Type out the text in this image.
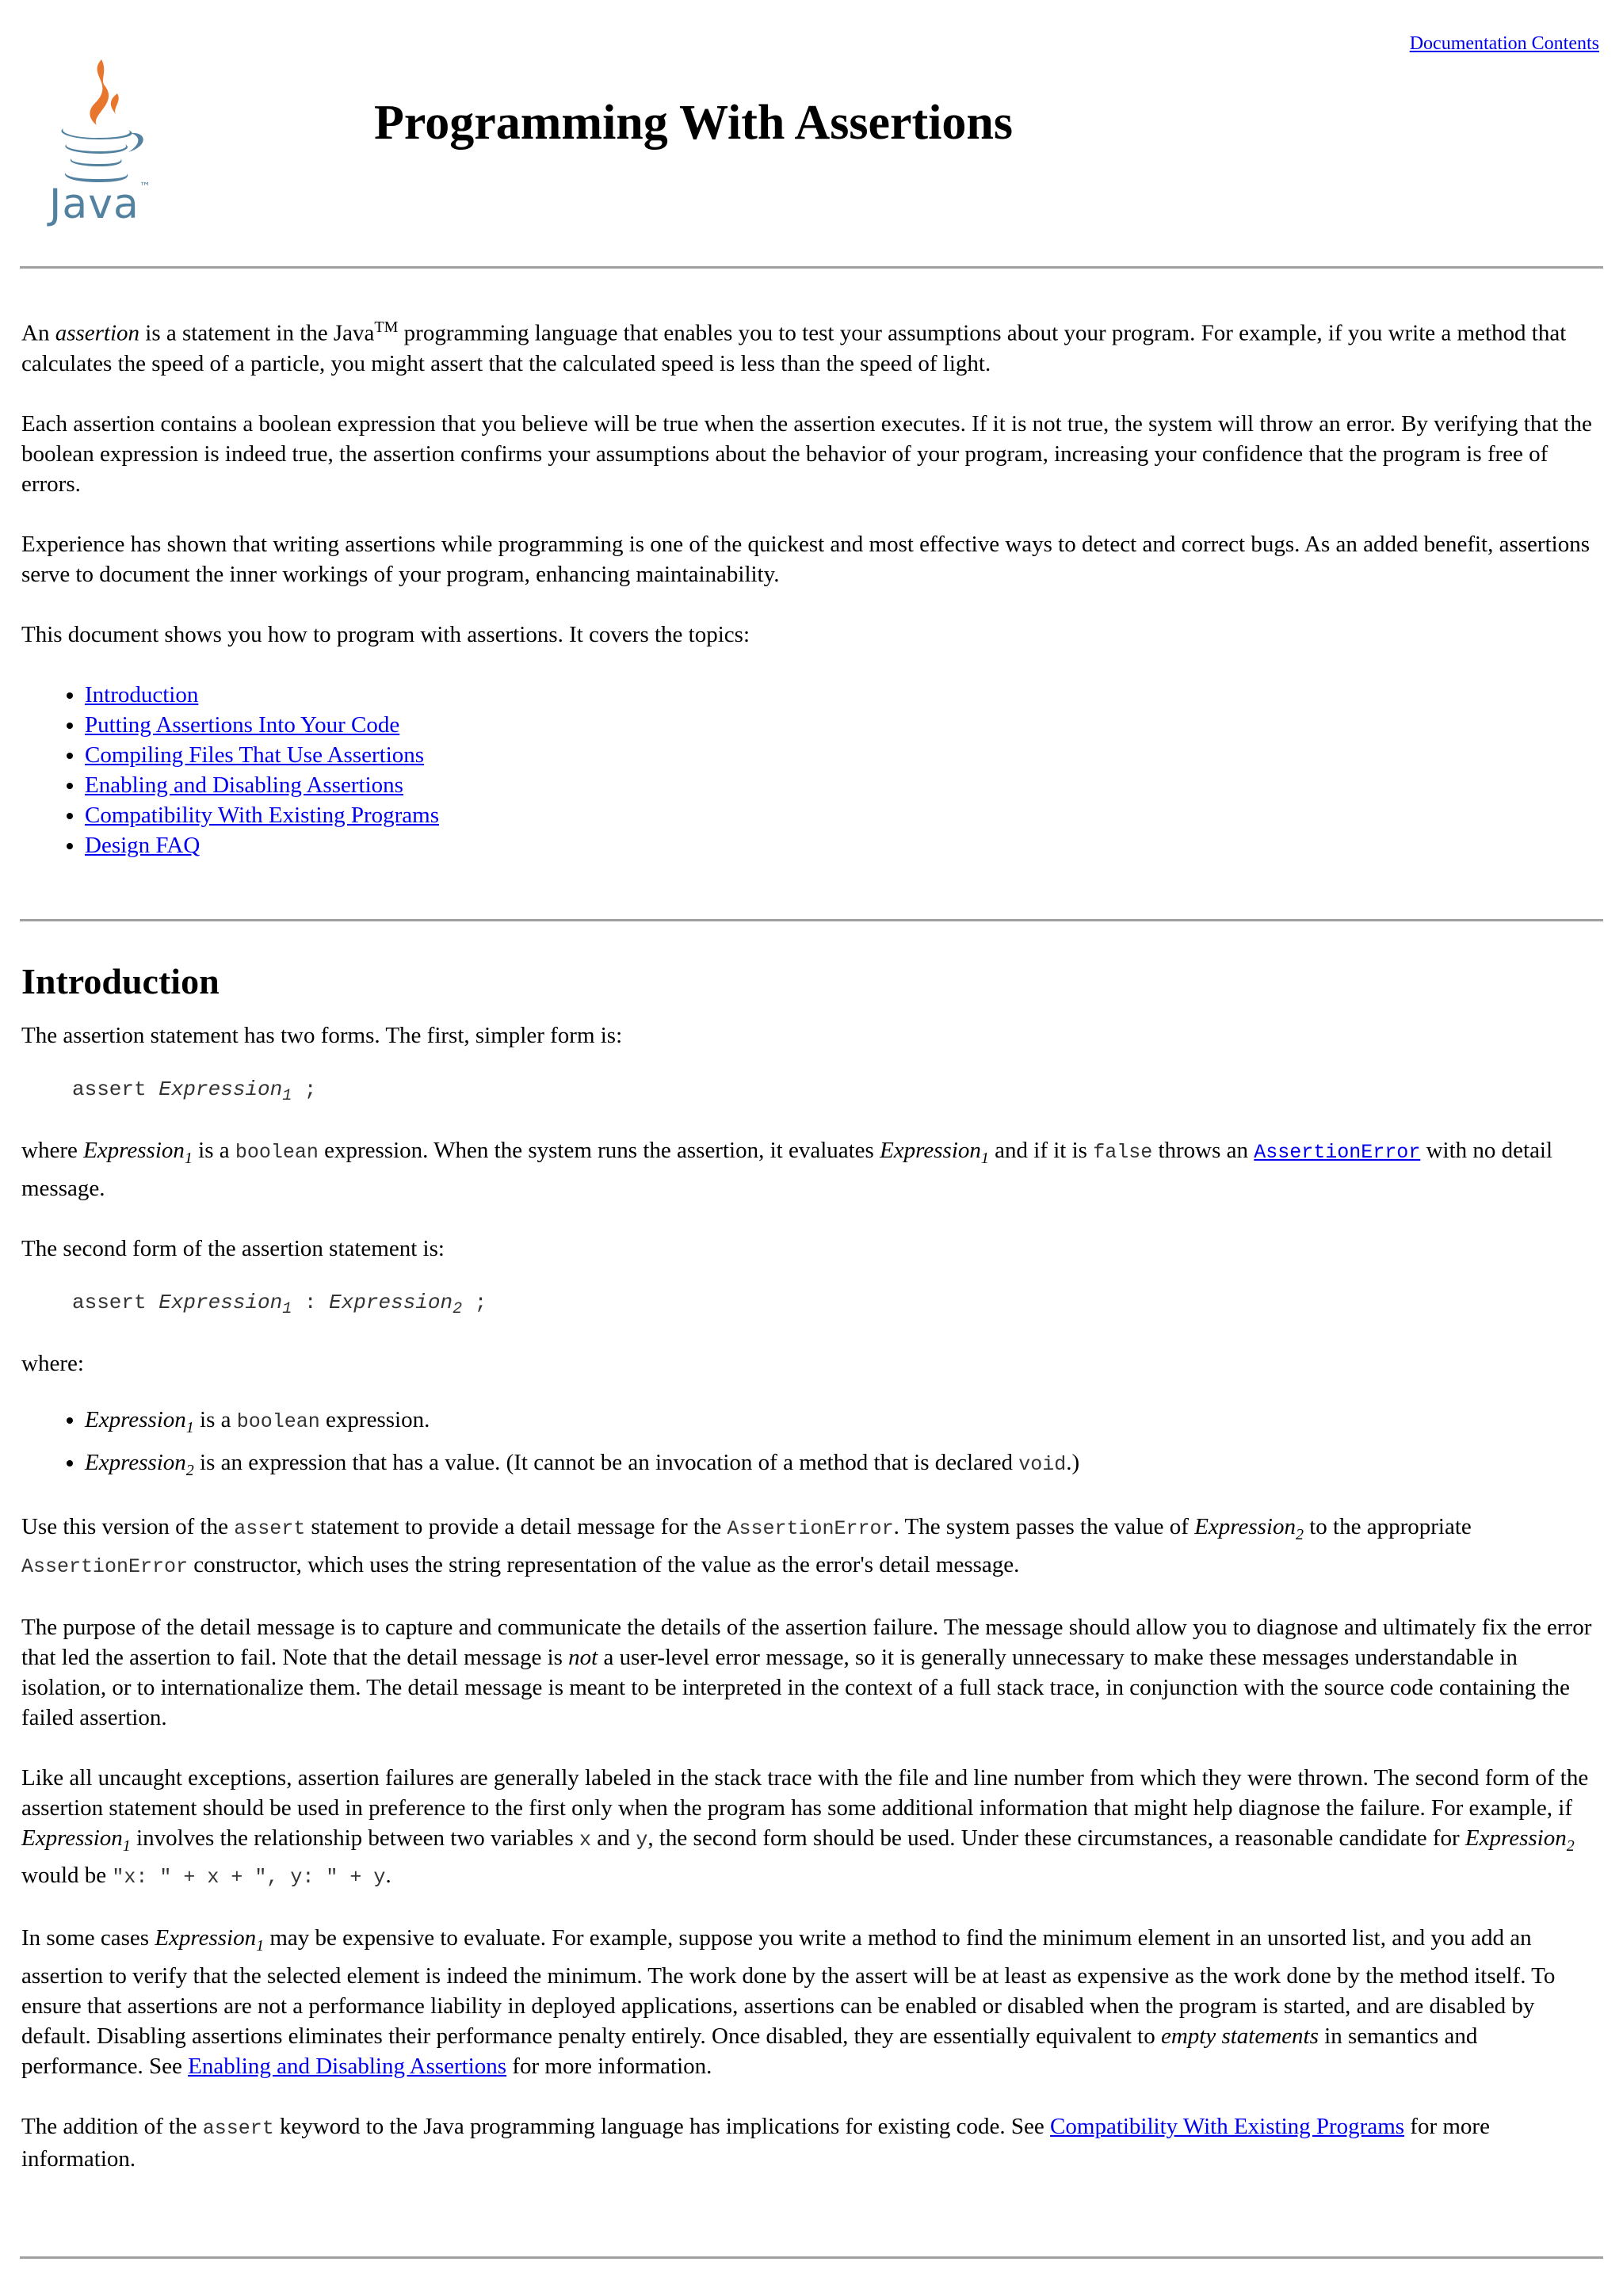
Documentation Contents
Java™
Programming With Assertions

An assertion is a statement in the Java™ programming language that enables you to test your assumptions about your program. For example, if you write a method that calculates the speed of a particle, you might assert that the calculated speed is less than the speed of light.

Each assertion contains a boolean expression that you believe will be true when the assertion executes. If it is not true, the system will throw an error. By verifying that the boolean expression is indeed true, the assertion confirms your assumptions about the behavior of your program, increasing your confidence that the program is free of errors.

Experience has shown that writing assertions while programming is one of the quickest and most effective ways to detect and correct bugs. As an added benefit, assertions serve to document the inner workings of your program, enhancing maintainability.

This document shows you how to program with assertions. It covers the topics:

• Introduction
• Putting Assertions Into Your Code
• Compiling Files That Use Assertions
• Enabling and Disabling Assertions
• Compatibility With Existing Programs
• Design FAQ
Introduction

The assertion statement has two forms. The first, simpler form is:

assert Expression$_1$ ;

where Expression$_1$ is a boolean expression. When the system runs the assertion, it evaluates Expression$_1$ and if it is false throws an AssertionError with no detail message.

The second form of the assertion statement is:

assert Expression$_1$ : Expression$_2$ ;

where:

• Expression$_1$ is a boolean expression.
• Expression$_2$ is an expression that has a value. (It cannot be an invocation of a method that is declared void.)

Use this version of the assert statement to provide a detail message for the AssertionError. The system passes the value of Expression$_2$ to the appropriate AssertionError constructor, which uses the string representation of the value as the error's detail message.

The purpose of the detail message is to capture and communicate the details of the assertion failure. The message should allow you to diagnose and ultimately fix the error that led the assertion to fail. Note that the detail message is not a user-level error message, so it is generally unnecessary to make these messages understandable in isolation, or to internationalize them. The detail message is meant to be interpreted in the context of a full stack trace, in conjunction with the source code containing the failed assertion.

Like all uncaught exceptions, assertion failures are generally labeled in the stack trace with the file and line number from which they were thrown. The second form of the assertion statement should be used in preference to the first only when the program has some additional information that might help diagnose the failure. For example, if Expression$_1$ involves the relationship between two variables x and y, the second form should be used. Under these circumstances, a reasonable candidate for Expression$_2$ would be "x: " + x + ", y: " + y.

In some cases Expression$_1$ may be expensive to evaluate. For example, suppose you write a method to find the minimum element in an unsorted list, and you add an assertion to verify that the selected element is indeed the minimum. The work done by the assert will be at least as expensive as the work done by the method itself. To ensure that assertions are not a performance liability in deployed applications, assertions can be enabled or disabled when the program is started, and are disabled by default. Disabling assertions eliminates their performance penalty entirely. Once disabled, they are essentially equivalent to empty statements in semantics and performance. See Enabling and Disabling Assertions for more information.

The addition of the assert keyword to the Java programming language has implications for existing code. See Compatibility With Existing Programs for more information.
